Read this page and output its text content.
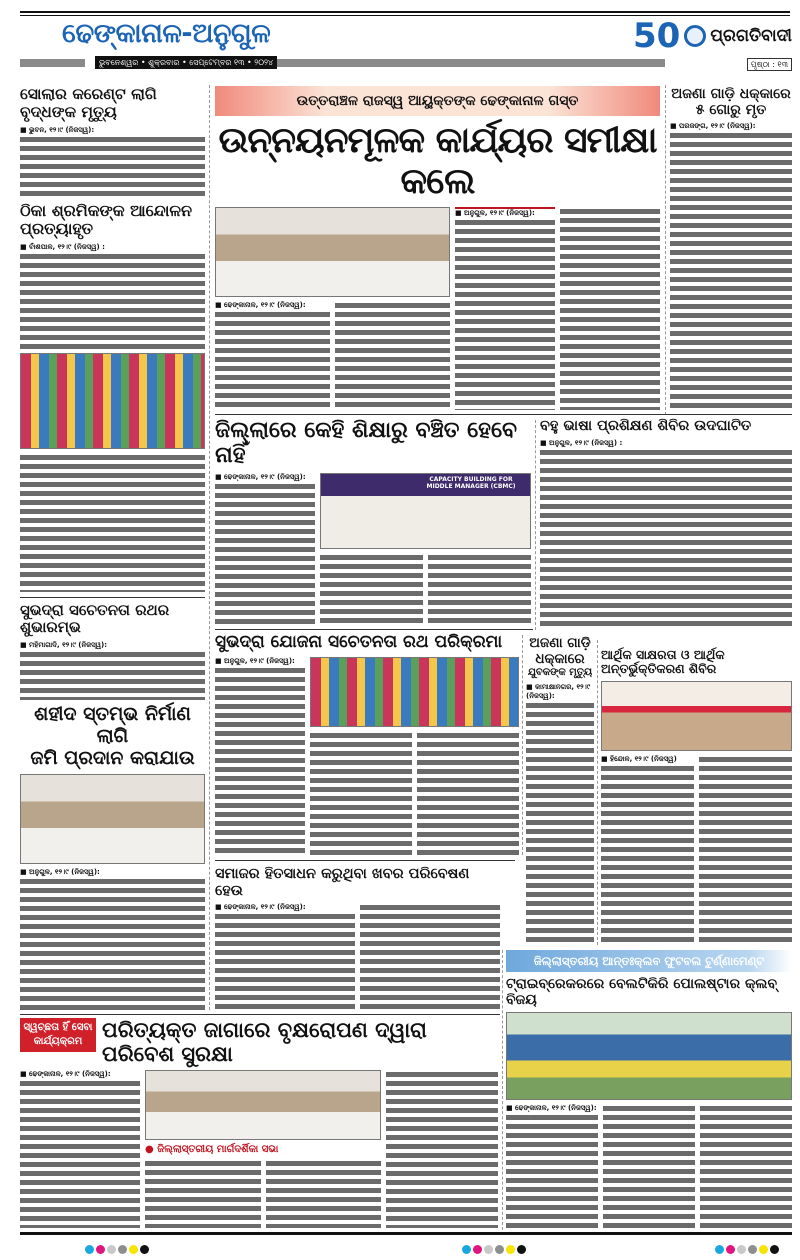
ଢେଙ୍କାନାଳ-ଅନୁଗୁଳ
ଭୁବନେଶ୍ୱର • ଶୁକ୍ରବାର • ସେପ୍ଟେମ୍ବର ୧୩ • ୨୦୨୪
50 ପ୍ରଗତିବାଦୀ
ପୃଷ୍ଠା : ୧୩
ସୋଲାର କରେଣ୍ଟ ଲାଗି ବୃଦ୍ଧଙ୍କ ମୃତ୍ୟୁ
■ ଭୁବନ, ୧୨।୯ (ନିଜସ୍ୱ):
ଠିକା ଶ୍ରମିକଙ୍କ ଆନ୍ଦୋଳନ ପ୍ରତ୍ୟାହୃତ
■ ବାଁଶପାଳ, ୧୨।୯ (ନିଜସ୍ୱ) :
ସୁଭଦ୍ରା ସଚେତନତା ରଥର ଶୁଭାରମ୍ଭ
■ ମହିମାଗାଦି, ୧୨।୯ (ନିଜସ୍ୱ):
ଶହୀଦ ସ୍ତମ୍ଭ ନିର୍ମାଣ ଲାଗି
ଜମି ପ୍ରଦାନ କରାଯାଉ
■ ଅନୁଗୁଳ, ୧୨।୯ (ନିଜସ୍ୱ):
ଉତ୍ତରାଞ୍ଚଳ ରାଜସ୍ୱ ଆୟୁକ୍ତଙ୍କ ଢେଙ୍କାନାଳ ଗସ୍ତ
ଉନ୍ନୟନମୂଳକ କାର୍ଯ୍ୟର ସମୀକ୍ଷା କଲେ
■ ଢେଙ୍କାନାଳ, ୧୨।୯ (ନିଜସ୍ୱ):
■ ଅନୁଗୁଳ, ୧୨।୯ (ନିଜସ୍ୱ):
ଅଜଣା ଗାଡ଼ି ଧକ୍କାରେ
୫ ଗୋରୁ ମୃତ
■ ପରଜଙ୍ଗ, ୧୨।୯ (ନିଜସ୍ୱ):
ଜିଲ୍ଲାରେ କେହି ଶିକ୍ଷାରୁ ବଞ୍ଚିତ ହେବେ ନାହିଁ
■ ଢେଙ୍କାନାଳ, ୧୨।୯ (ନିଜସ୍ୱ):	CAPACITY BUILDING FOR MIDDLE MANAGER (CBMC)
ବହୁ ଭାଷା ପ୍ରଶିକ୍ଷଣ ଶିବିର ଉଦଘାଟିତ
■ ଅନୁଗୁଳ, ୧୨।୯ (ନିଜସ୍ୱ) :
ସୁଭଦ୍ରା ଯୋଜନା ସଚେତନତା ରଥ ପରିକ୍ରମା
■ ଅନୁଗୁଳ, ୧୨।୯ (ନିଜସ୍ୱ):
ଅଜଣା ଗାଡ଼ି
ଧକ୍କାରେ
ଯୁବକଙ୍କ ମୃତ୍ୟୁ
■ କାମାକ୍ଷାନଗର, ୧୨।୯ (ନିଜସ୍ୱ):
ଆର୍ଥିକ ସାକ୍ଷରତା ଓ ଆର୍ଥିକ ଅନ୍ତର୍ଭୁକ୍ତିକରଣ ଶିବିର
■ ହିନ୍ଦୋଳ, ୧୨।୯ (ନିଜସ୍ୱ)
ସମାଜର ହିତସାଧନ କରୁଥିବା ଖବର ପରିବେଷଣ ହେଉ
■ ଢେଙ୍କାନାଳ, ୧୨।୯ (ନିଜସ୍ୱ):
ଜିଲ୍ଲାସ୍ତରୀୟ ଆନ୍ତଃକ୍ଲବ ଫୁଟବଲ ଟୁର୍ଣ୍ଣାମେଣ୍ଟ
ଟ୍ରାଇବ୍ରେକରରେ ବେଲଟିକିରି ପୋଲଷ୍ଟାର କ୍ଲବ୍ ବିଜୟ
■ ଢେଙ୍କାନାଳ, ୧୨।୯ (ନିଜସ୍ୱ):
ସ୍ୱଚ୍ଛତା ହିଁ ସେବା
କାର୍ଯ୍ୟକ୍ରମ ପରିତ୍ୟକ୍ତ ଜାଗାରେ ବୃକ୍ଷରୋପଣ ଦ୍ୱାରା ପରିବେଶ ସୁରକ୍ଷା
■ ଢେଙ୍କାନାଳ, ୧୨।୯ (ନିଜସ୍ୱ):
● ଜିଲ୍ଲାସ୍ତରୀୟ ମାର୍ଗଦର୍ଶିକା ସଭା
